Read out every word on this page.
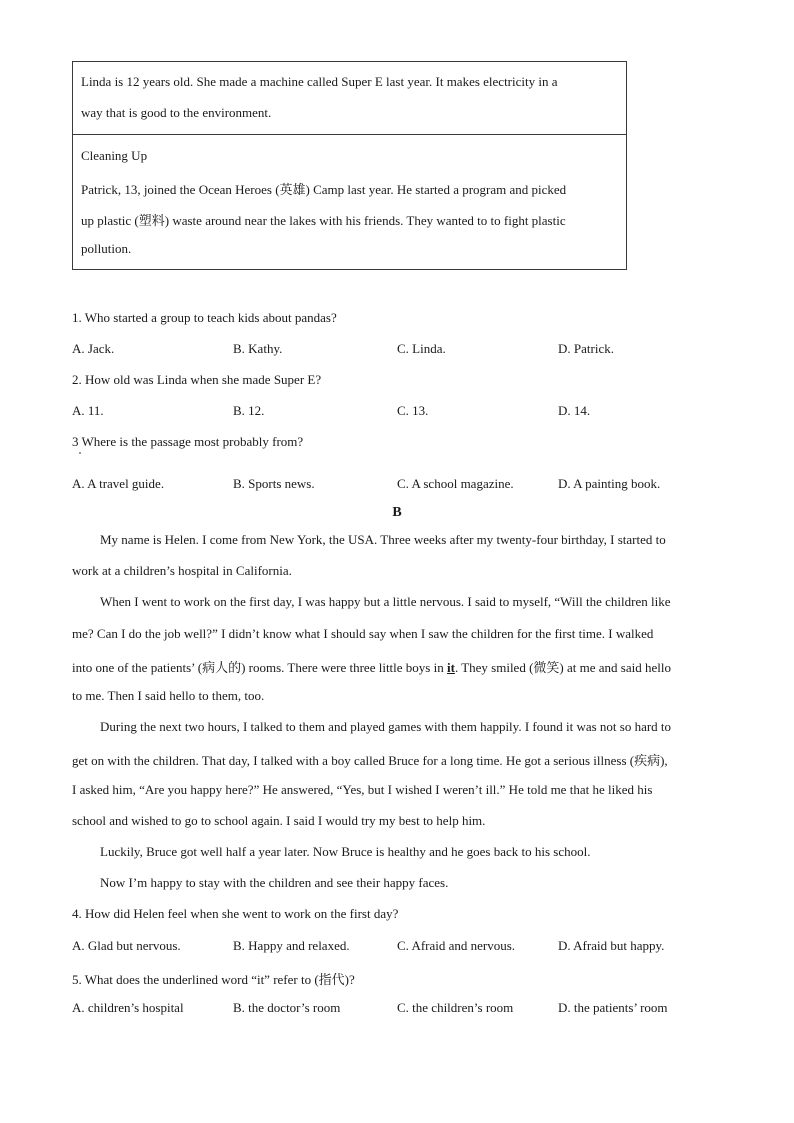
Linda is 12 years old. She made a machine called Super E last year. It makes electricity in a
way that is good to the environment.
Cleaning Up
Patrick, 13, joined the Ocean Heroes (英雄) Camp last year. He started a program and picked
up plastic (塑料) waste around near the lakes with his friends. They wanted to to fight plastic
pollution.
1. Who started a group to teach kids about pandas?
A. Jack.	B. Kathy.	C. Linda.	D. Patrick.
2. How old was Linda when she made Super E?
A. 11.	B. 12.	C. 13.	D. 14.
3 Where is the passage most probably from?
A. A travel guide.	B. Sports news.	C. A school magazine.	D. A painting book.
B
My name is Helen. I come from New York, the USA. Three weeks after my twenty-four birthday, I started to
work at a children’s hospital in California.
When I went to work on the first day, I was happy but a little nervous. I said to myself, “Will the children like
me? Can I do the job well?” I didn’t know what I should say when I saw the children for the first time. I walked
into one of the patients’ (病人的) rooms. There were three little boys in it. They smiled (微笑) at me and said hello
to me. Then I said hello to them, too.
During the next two hours, I talked to them and played games with them happily. I found it was not so hard to
get on with the children. That day, I talked with a boy called Bruce for a long time. He got a serious illness (疾病),
I asked him, “Are you happy here?” He answered, “Yes, but I wished I weren’t ill.” He told me that he liked his
school and wished to go to school again. I said I would try my best to help him.
Luckily, Bruce got well half a year later. Now Bruce is healthy and he goes back to his school.
Now I’m happy to stay with the children and see their happy faces.
4. How did Helen feel when she went to work on the first day?
A. Glad but nervous.	B. Happy and relaxed.	C. Afraid and nervous.	D. Afraid but happy.
5. What does the underlined word “it” refer to (指代)?
A. children’s hospital	B. the doctor’s room	C. the children’s room	D. the patients’ room
